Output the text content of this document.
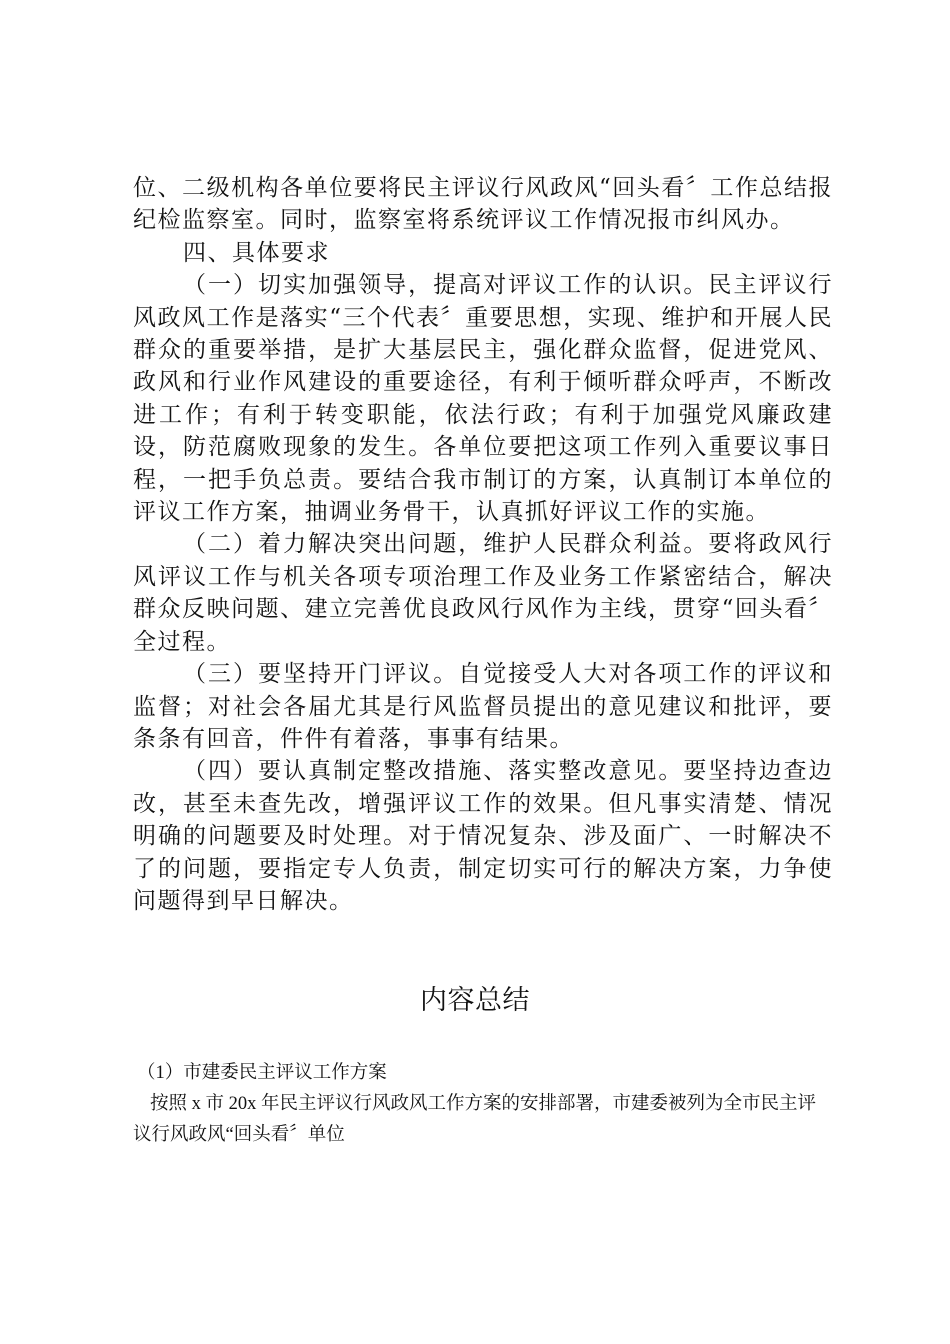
位、二级机构各单位要将民主评议行风政风“回头看〞工作总结报纪检监察室。同时，监察室将系统评议工作情况报市纠风办。

四、具体要求

（一）切实加强领导，提高对评议工作的认识。民主评议行风政风工作是落实“三个代表〞重要思想，实现、维护和开展人民群众的重要举措，是扩大基层民主，强化群众监督，促进党风、政风和行业作风建设的重要途径，有利于倾听群众呼声，不断改进工作；有利于转变职能，依法行政；有利于加强党风廉政建设，防范腐败现象的发生。各单位要把这项工作列入重要议事日程，一把手负总责。要结合我市制订的方案，认真制订本单位的评议工作方案，抽调业务骨干，认真抓好评议工作的实施。

（二）着力解决突出问题，维护人民群众利益。要将政风行风评议工作与机关各项专项治理工作及业务工作紧密结合，解决群众反映问题、建立完善优良政风行风作为主线，贯穿“回头看〞全过程。

（三）要坚持开门评议。自觉接受人大对各项工作的评议和监督；对社会各届尤其是行风监督员提出的意见建议和批评，要条条有回音，件件有着落，事事有结果。

（四）要认真制定整改措施、落实整改意见。要坚持边查边改，甚至未查先改，增强评议工作的效果。但凡事实清楚、情况明确的问题要及时处理。对于情况复杂、涉及面广、一时解决不了的问题，要指定专人负责，制定切实可行的解决方案，力争使问题得到早日解决。

内容总结

（1）市建委民主评议工作方案

按照 x 市 20x 年民主评议行风政风工作方案的安排部署，市建委被列为全市民主评议行风政风“回头看〞单位
